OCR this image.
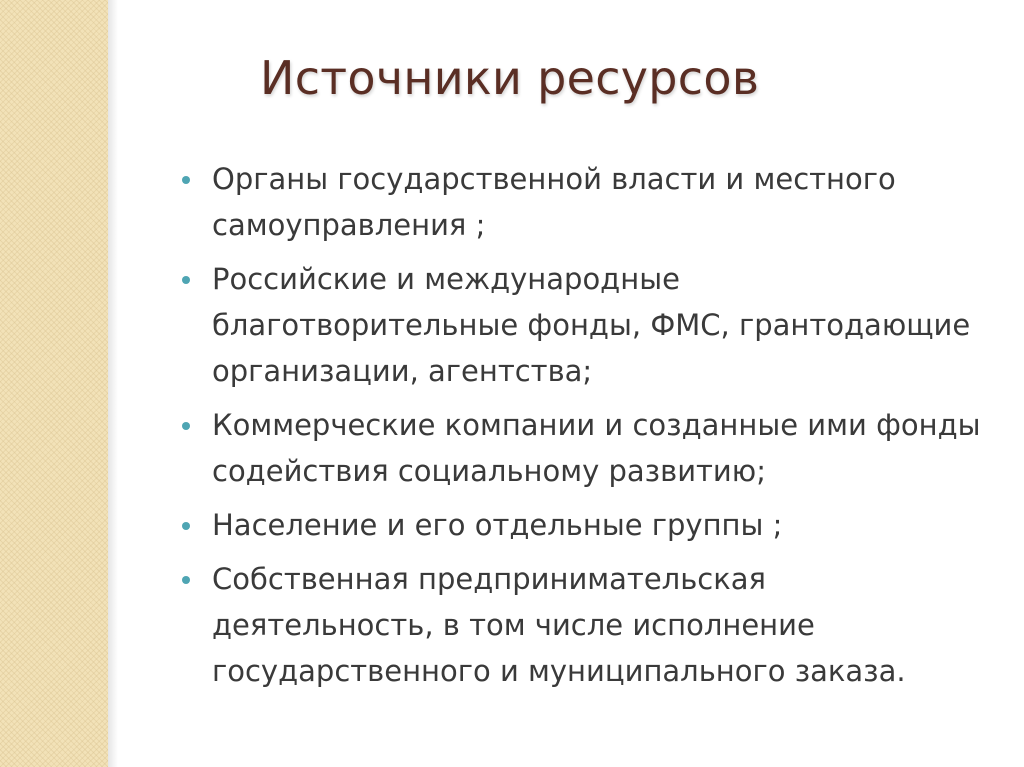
Источники ресурсов
Органы государственной власти и местного самоуправления ;
Российские и международные благотворительные фонды, ФМС, грантодающие организации, агентства;
Коммерческие компании и созданные ими фонды содействия социальному развитию;
Население и его отдельные группы ;
Собственная предпринимательская деятельность, в том числе исполнение государственного и муниципального заказа.
